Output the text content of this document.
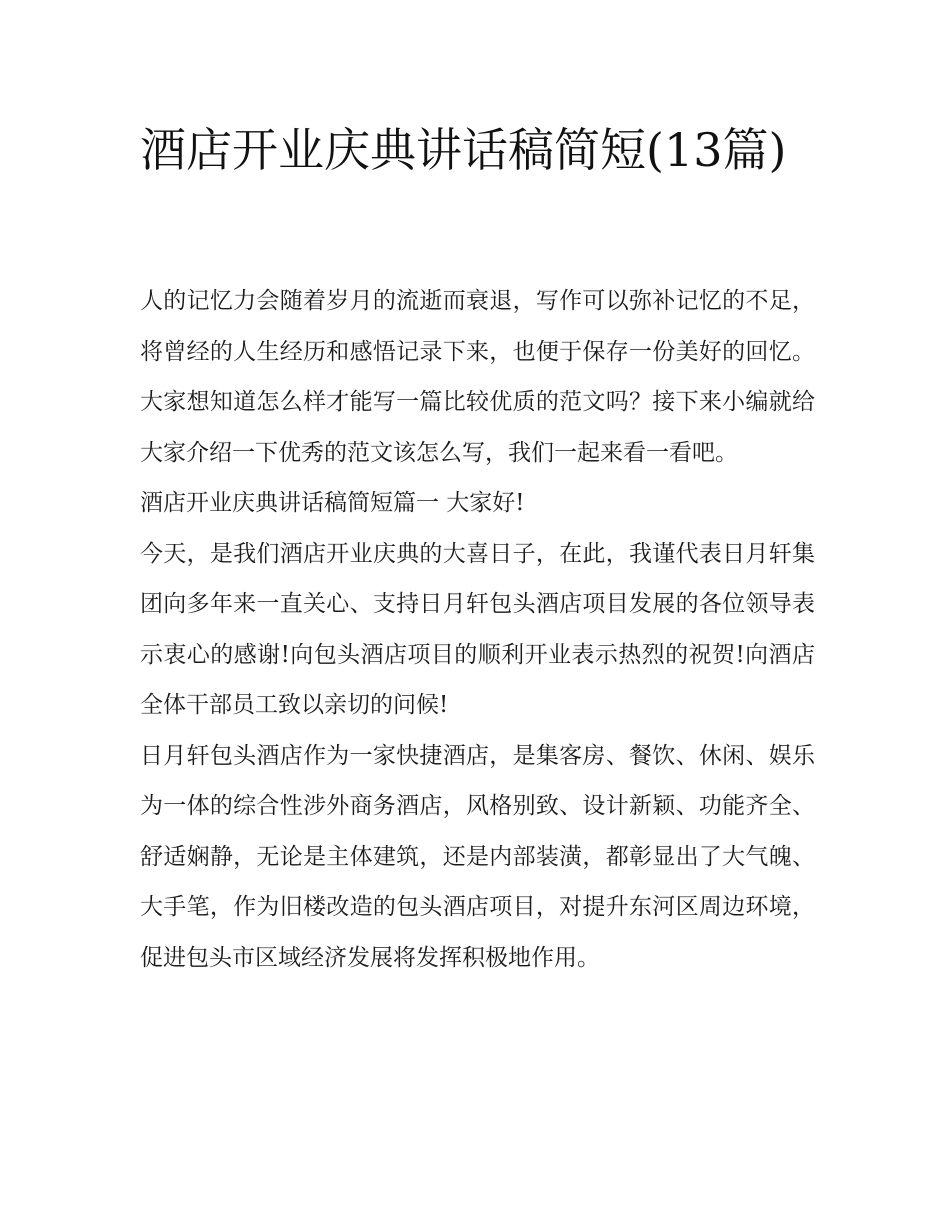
酒店开业庆典讲话稿简短(13篇)

人的记忆力会随着岁月的流逝而衰退，写作可以弥补记忆的不足，将曾经的人生经历和感悟记录下来，也便于保存一份美好的回忆。大家想知道怎么样才能写一篇比较优质的范文吗？接下来小编就给大家介绍一下优秀的范文该怎么写，我们一起来看一看吧。

酒店开业庆典讲话稿简短篇一 大家好!

今天，是我们酒店开业庆典的大喜日子，在此，我谨代表日月轩集团向多年来一直关心、支持日月轩包头酒店项目发展的各位领导表示衷心的感谢!向包头酒店项目的顺利开业表示热烈的祝贺!向酒店全体干部员工致以亲切的问候!

日月轩包头酒店作为一家快捷酒店，是集客房、餐饮、休闲、娱乐为一体的综合性涉外商务酒店，风格别致、设计新颖、功能齐全、舒适娴静，无论是主体建筑，还是内部装潢，都彰显出了大气魄、大手笔，作为旧楼改造的包头酒店项目，对提升东河区周边环境，促进包头市区域经济发展将发挥积极地作用。
